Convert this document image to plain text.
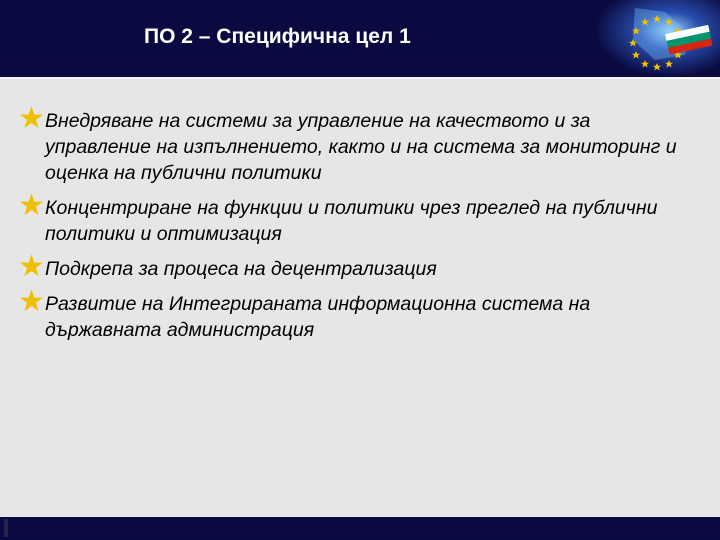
ПО 2 – Специфична цел 1
★ Внедряване на системи за управление на качеството и за управление на изпълнението, както и на система за мониторинг и оценка на публични политики
★ Концентриране на функции и политики чрез преглед на публични политики и оптимизация
★ Подкрепа за процеса на децентрализация
★ Развитие на Интегрираната информационна система на държавната администрация
